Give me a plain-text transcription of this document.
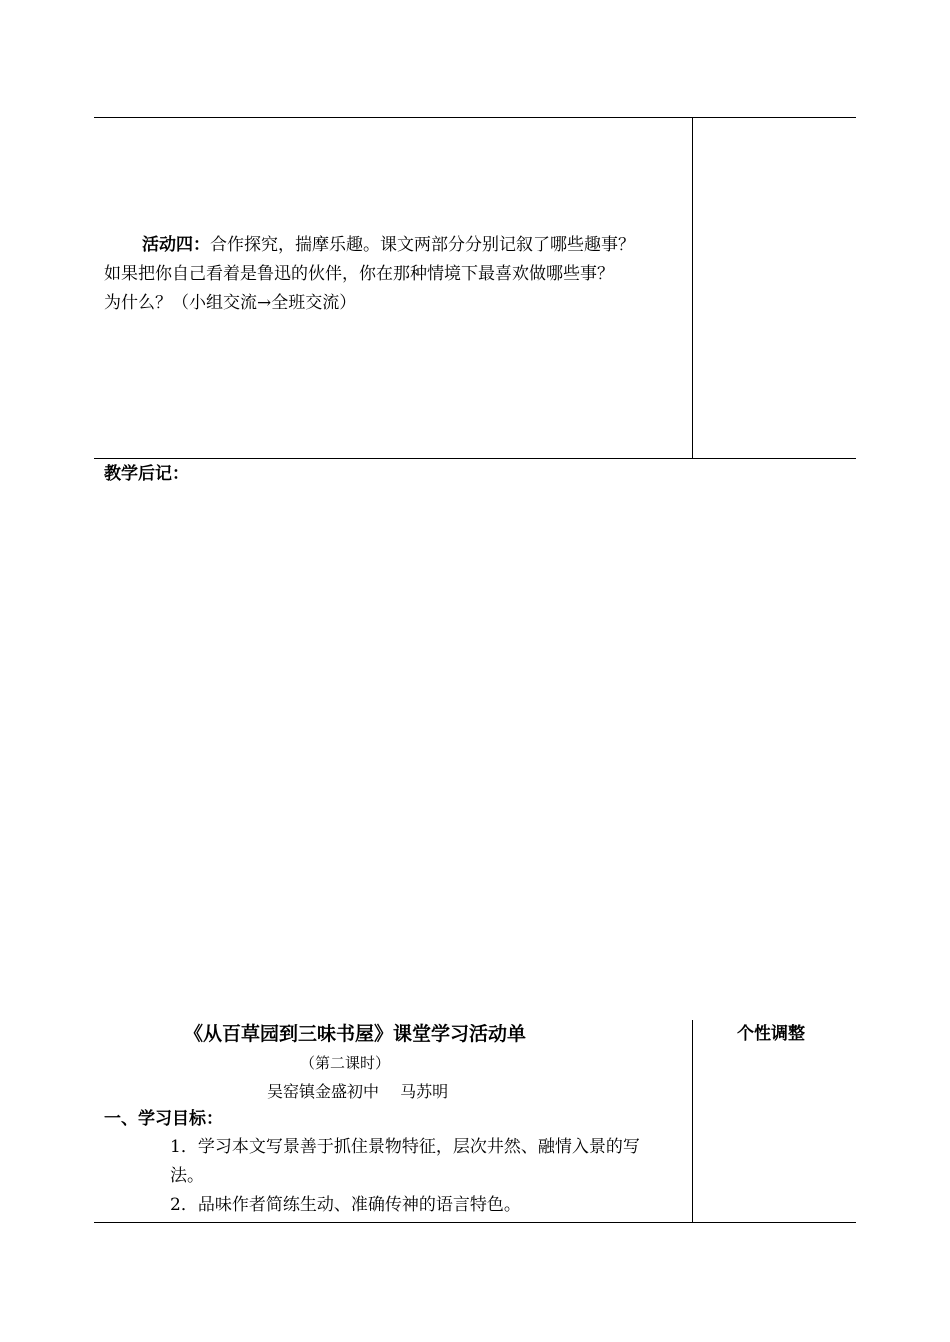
活动四：合作探究，揣摩乐趣。课文两部分分别记叙了哪些趣事？
如果把你自己看着是鲁迅的伙伴，你在那种情境下最喜欢做哪些事？
为什么？（小组交流→全班交流）
教学后记：
《从百草园到三味书屋》课堂学习活动单	个性调整
（第二课时）
吴窑镇金盛初中　 马苏明
一、学习目标：
1．学习本文写景善于抓住景物特征，层次井然、融情入景的写
法。
2．品味作者简练生动、准确传神的语言特色。
